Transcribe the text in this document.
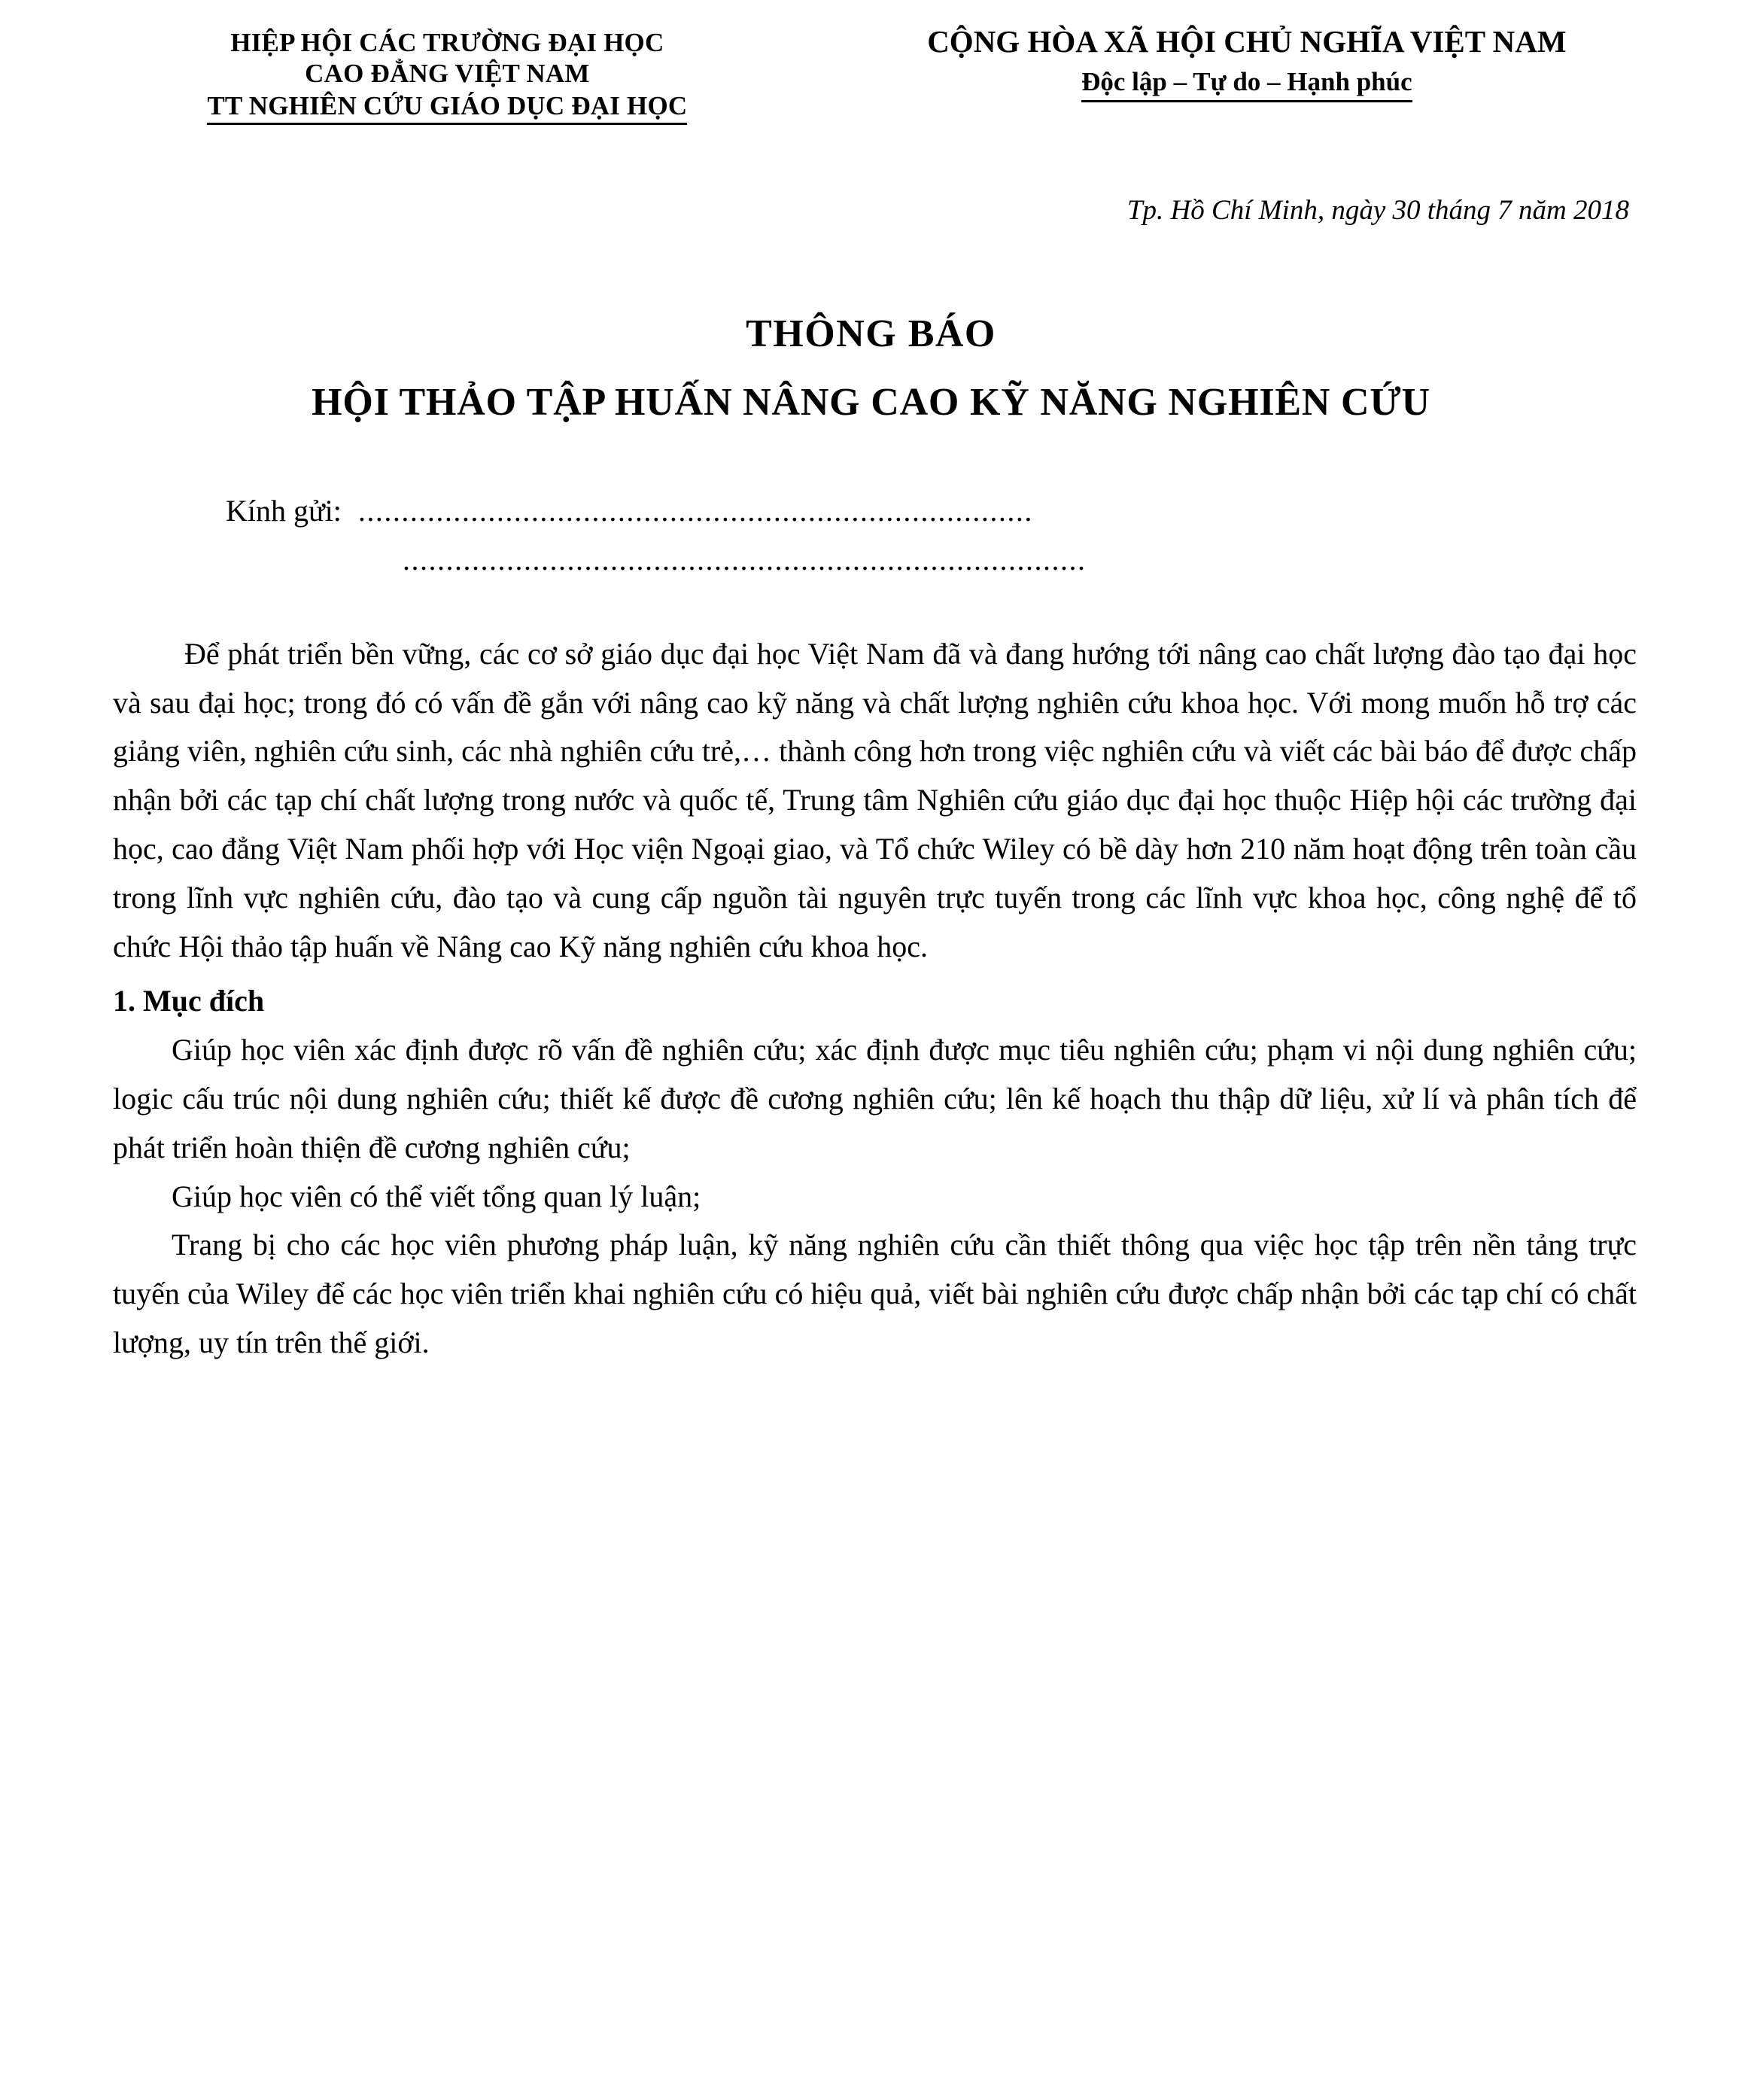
HIỆP HỘI CÁC TRƯỜNG ĐẠI HỌC
CAO ĐẲNG VIỆT NAM
TT NGHIÊN CỨU GIÁO DỤC ĐẠI HỌC
CỘNG HÒA XÃ HỘI CHỦ NGHĨA VIỆT NAM
Độc lập – Tự do – Hạnh phúc
Tp. Hồ Chí Minh, ngày 30 tháng 7 năm 2018
THÔNG BÁO
HỘI THẢO TẬP HUẤN NÂNG CAO KỸ NĂNG NGHIÊN CỨU
Kính gửi: ..............................................................................
...............................................................................

Để phát triển bền vững, các cơ sở giáo dục đại học Việt Nam đã và đang hướng tới nâng cao chất lượng đào tạo đại học và sau đại học; trong đó có vấn đề gắn với nâng cao kỹ năng và chất lượng nghiên cứu khoa học. Với mong muốn hỗ trợ các giảng viên, nghiên cứu sinh, các nhà nghiên cứu trẻ,… thành công hơn trong việc nghiên cứu và viết các bài báo để được chấp nhận bởi các tạp chí chất lượng trong nước và quốc tế, Trung tâm Nghiên cứu giáo dục đại học thuộc Hiệp hội các trường đại học, cao đẳng Việt Nam phối hợp với Học viện Ngoại giao, và Tổ chức Wiley có bề dày hơn 210 năm hoạt động trên toàn cầu trong lĩnh vực nghiên cứu, đào tạo và cung cấp nguồn tài nguyên trực tuyến trong các lĩnh vực khoa học, công nghệ để tổ chức Hội thảo tập huấn về Nâng cao Kỹ năng nghiên cứu khoa học.

1. Mục đích

Giúp học viên xác định được rõ vấn đề nghiên cứu; xác định được mục tiêu nghiên cứu; phạm vi nội dung nghiên cứu; logic cấu trúc nội dung nghiên cứu; thiết kế được đề cương nghiên cứu; lên kế hoạch thu thập dữ liệu, xử lí và phân tích để phát triển hoàn thiện đề cương nghiên cứu;

Giúp học viên có thể viết tổng quan lý luận;

Trang bị cho các học viên phương pháp luận, kỹ năng nghiên cứu cần thiết thông qua việc học tập trên nền tảng trực tuyến của Wiley để các học viên triển khai nghiên cứu có hiệu quả, viết bài nghiên cứu được chấp nhận bởi các tạp chí có chất lượng, uy tín trên thế giới.
